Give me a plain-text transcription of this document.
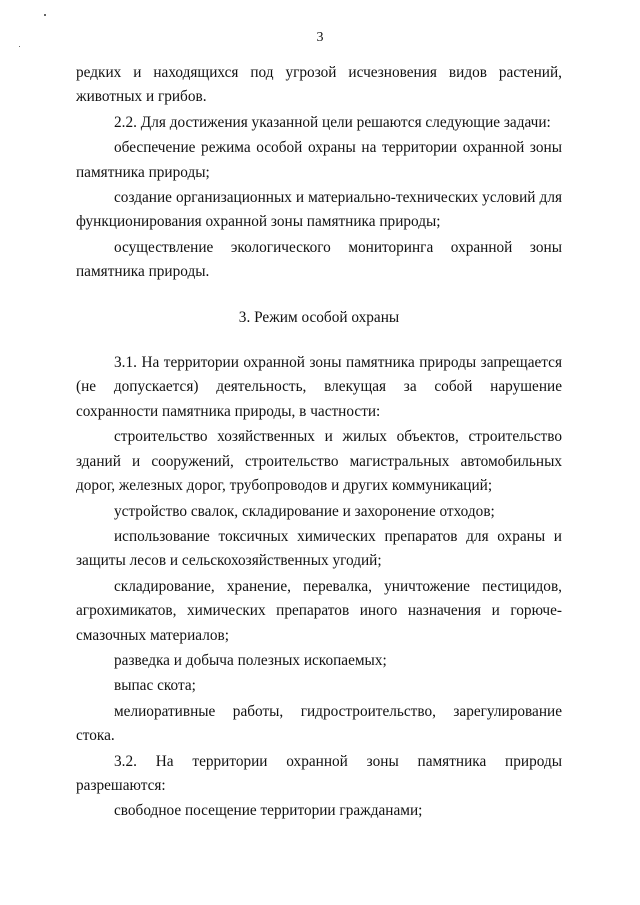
3

редких и находящихся под угрозой исчезновения видов растений, животных и грибов.

2.2. Для достижения указанной цели решаются следующие задачи:

обеспечение режима особой охраны на территории охранной зоны памятника природы;

создание организационных и материально-технических условий для функционирования охранной зоны памятника природы;

осуществление экологического мониторинга охранной зоны памятника природы.

3. Режим особой охраны

3.1. На территории охранной зоны памятника природы запрещается (не допускается) деятельность, влекущая за собой нарушение сохранности памятника природы, в частности:

строительство хозяйственных и жилых объектов, строительство зданий и сооружений, строительство магистральных автомобильных дорог, железных дорог, трубопроводов и других коммуникаций;

устройство свалок, складирование и захоронение отходов;

использование токсичных химических препаратов для охраны и защиты лесов и сельскохозяйственных угодий;

складирование, хранение, перевалка, уничтожение пестицидов, агрохимикатов, химических препаратов иного назначения и горюче-смазочных материалов;

разведка и добыча полезных ископаемых;

выпас скота;

мелиоративные работы, гидростроительство, зарегулирование стока.

3.2. На территории охранной зоны памятника природы разрешаются:

свободное посещение территории гражданами;
